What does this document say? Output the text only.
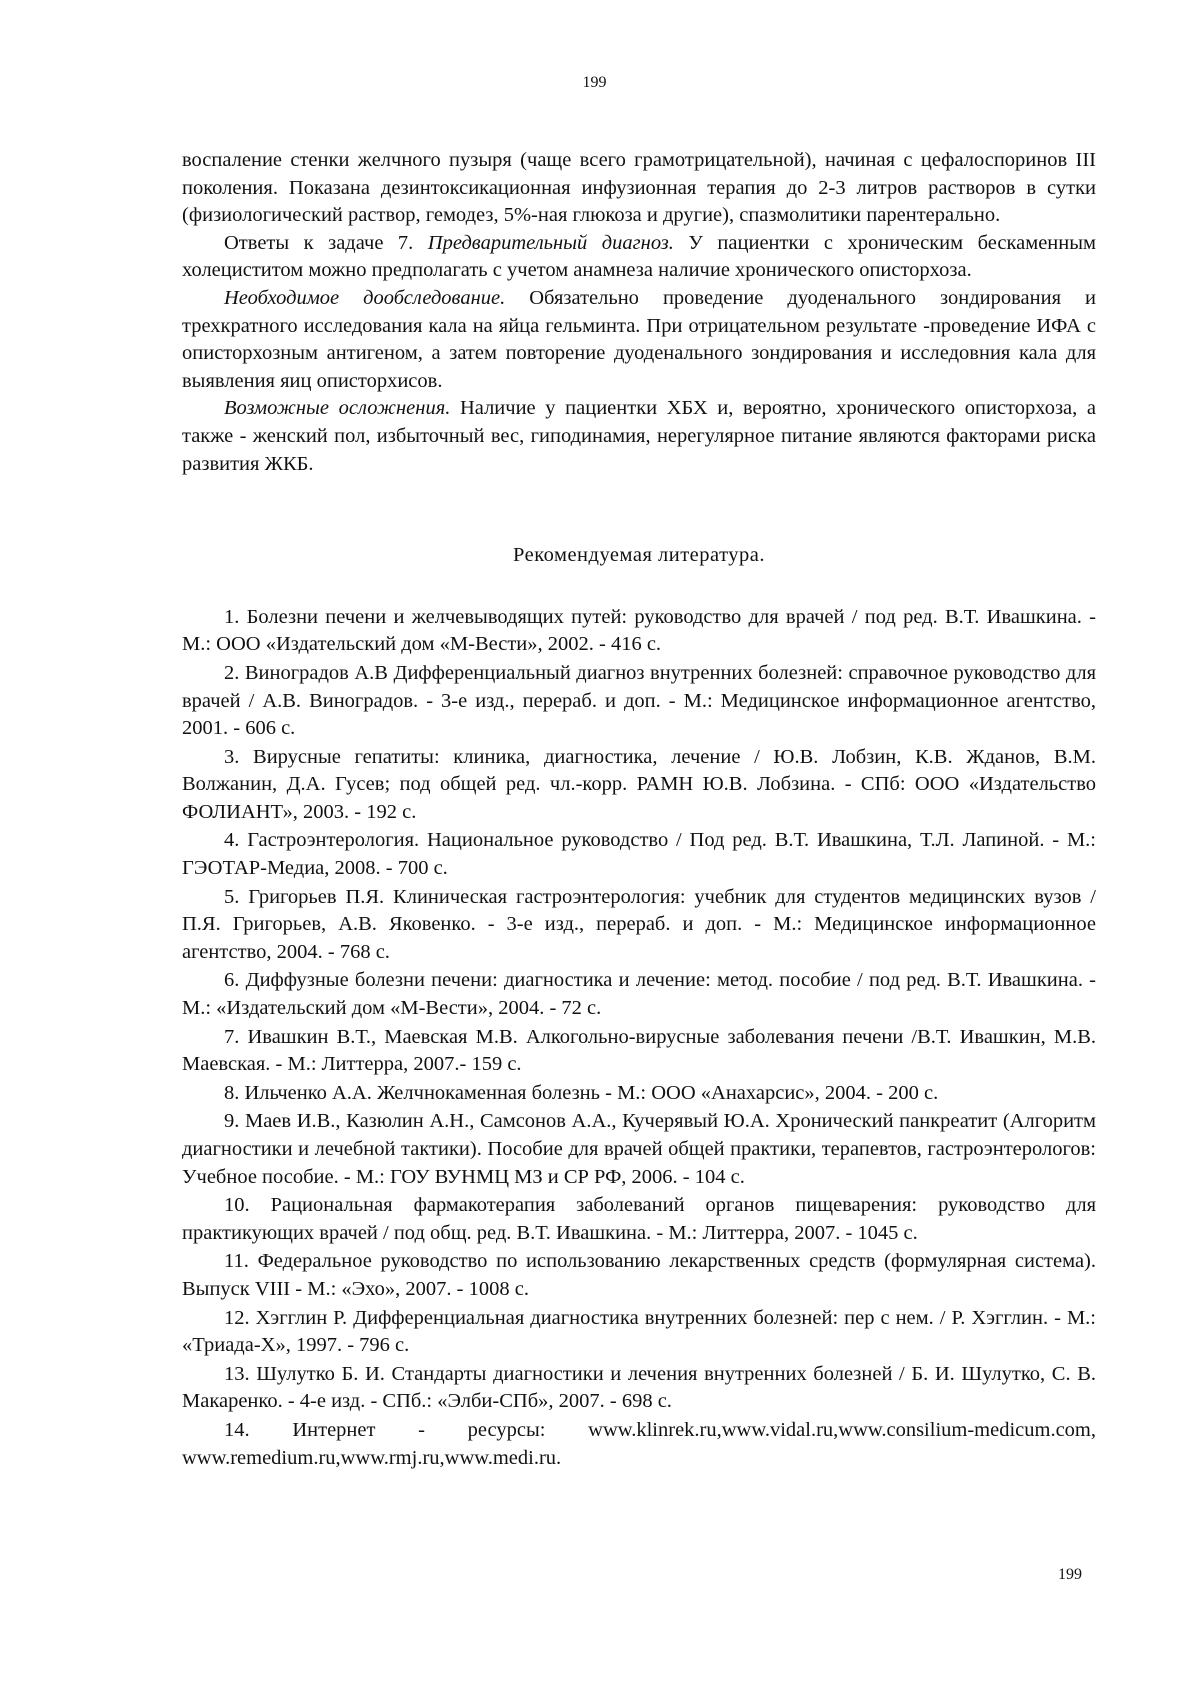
199

воспаление стенки желчного пузыря (чаще всего грамотрицательной), начиная с цефалоспоринов III поколения. Показана дезинтоксикационная инфузионная терапия до 2-3 литров растворов в сутки (физиологический раствор, гемодез, 5%-ная глюкоза и другие), спазмолитики парентерально.

Ответы к задаче 7. Предварительный диагноз. У пациентки с хроническим бескаменным холециститом можно предполагать с учетом анамнеза наличие хронического описторхоза.

Необходимое дообследование. Обязательно проведение дуоденального зондирования и трехкратного исследования кала на яйца гельминта. При отрицательном результате -проведение ИФА с описторхозным антигеном, а затем повторение дуоденального зондирования и исследовния кала для выявления яиц описторхисов.

Возможные осложнения. Наличие у пациентки ХБХ и, вероятно, хронического описторхоза, а также - женский пол, избыточный вес, гиподинамия, нерегулярное питание являются факторами риска развития ЖКБ.

Рекомендуемая литература.

1. Болезни печени и желчевыводящих путей: руководство для врачей / под ред. В.Т. Ивашкина. - М.: ООО «Издательский дом «М-Вести», 2002. - 416 с.

2. Виноградов А.В Дифференциальный диагноз внутренних болезней: справочное руководство для врачей / А.В. Виноградов. - 3-е изд., перераб. и доп. - М.: Медицинское информационное агентство, 2001. - 606 с.

3. Вирусные гепатиты: клиника, диагностика, лечение / Ю.В. Лобзин, К.В. Жданов, В.М. Волжанин, Д.А. Гусев; под общей ред. чл.-корр. РАМН Ю.В. Лобзина. - СПб: ООО «Издательство ФОЛИАНТ», 2003. - 192 с.

4. Гастроэнтерология. Национальное руководство / Под ред. В.Т. Ивашкина, Т.Л. Лапиной. - М.: ГЭОТАР-Медиа, 2008. - 700 с.

5. Григорьев П.Я. Клиническая гастроэнтерология: учебник для студентов медицинских вузов / П.Я. Григорьев, А.В. Яковенко. - 3-е изд., перераб. и доп. - М.: Медицинское информационное агентство, 2004. - 768 с.

6. Диффузные болезни печени: диагностика и лечение: метод. пособие / под ред. В.Т. Ивашкина. - М.: «Издательский дом «М-Вести», 2004. - 72 с.

7. Ивашкин В.Т., Маевская М.В. Алкогольно-вирусные заболевания печени /В.Т. Ивашкин, М.В. Маевская. - М.: Литтерра, 2007.- 159 с.

8. Ильченко А.А. Желчнокаменная болезнь - М.: ООО «Анахарсис», 2004. - 200 с.

9. Маев И.В., Казюлин А.Н., Самсонов А.А., Кучерявый Ю.А. Хронический панкреатит (Алгоритм диагностики и лечебной тактики). Пособие для врачей общей практики, терапевтов, гастроэнтерологов: Учебное пособие. - М.: ГОУ ВУНМЦ МЗ и СР РФ, 2006. - 104 с.

10. Рациональная фармакотерапия заболеваний органов пищеварения: руководство для практикующих врачей / под общ. ред. В.Т. Ивашкина. - М.: Литтерра, 2007. - 1045 с.

11. Федеральное руководство по использованию лекарственных средств (формулярная система). Выпуск VIII - М.: «Эхо», 2007. - 1008 с.

12. Хэгглин Р. Дифференциальная диагностика внутренних болезней: пер с нем. / Р. Хэгглин. - М.: «Триада-Х», 1997. - 796 с.

13. Шулутко Б. И. Стандарты диагностики и лечения внутренних болезней / Б. И. Шулутко, С. В. Макаренко. - 4-е изд. - СПб.: «Элби-СПб», 2007. - 698 с.

14. Интернет - ресурсы: www.klinrek.ru,www.vidal.ru,www.consilium-medicum.com, www.remedium.ru,www.rmj.ru,www.medi.ru.

199
